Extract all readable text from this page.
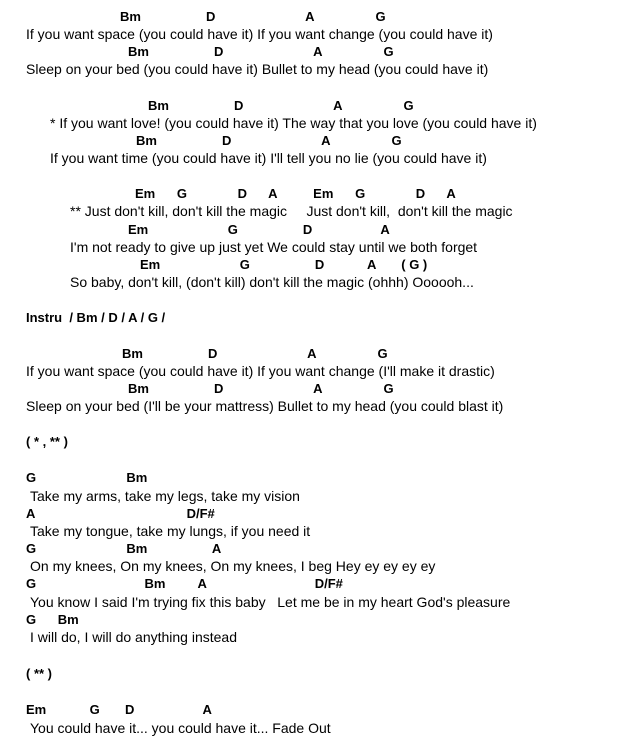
Bm                  D                         A                 G
If you want space (you could have it) If you want change (you could have it)
Bm                  D                         A                 G
Sleep on your bed (you could have it) Bullet to my head (you could have it)
Bm                  D                         A                 G
* If you want love! (you could have it) The way that you love (you could have it)
Bm                  D                         A                 G
If you want time (you could have it) I'll tell you no lie (you could have it)
Em      G              D      A          Em      G              D      A
** Just don't kill, don't kill the magic     Just don't kill,  don't kill the magic
Em                      G                  D                   A
I'm not ready to give up just yet We could stay until we both forget
Em                      G                  D            A       ( G )
So baby, don't kill, (don't kill) don't kill the magic (ohhh) Oooooh...
Instru  / Bm / D / A / G /
Bm                  D                         A                 G
If you want space (you could have it) If you want change (I'll make it drastic)
Bm                  D                         A                 G
Sleep on your bed (I'll be your mattress) Bullet to my head (you could blast it)
( * , ** )
G                         Bm
Take my arms, take my legs, take my vision
A                                          D/F#
Take my tongue, take my lungs, if you need it
G                         Bm                  A
On my knees, On my knees, On my knees, I beg Hey ey ey ey ey
G                              Bm         A                              D/F#
You know I said I'm trying fix this baby   Let me be in my heart God's pleasure
G      Bm
I will do, I will do anything instead
( ** )
Em            G       D                   A
You could have it... you could have it... Fade Out
